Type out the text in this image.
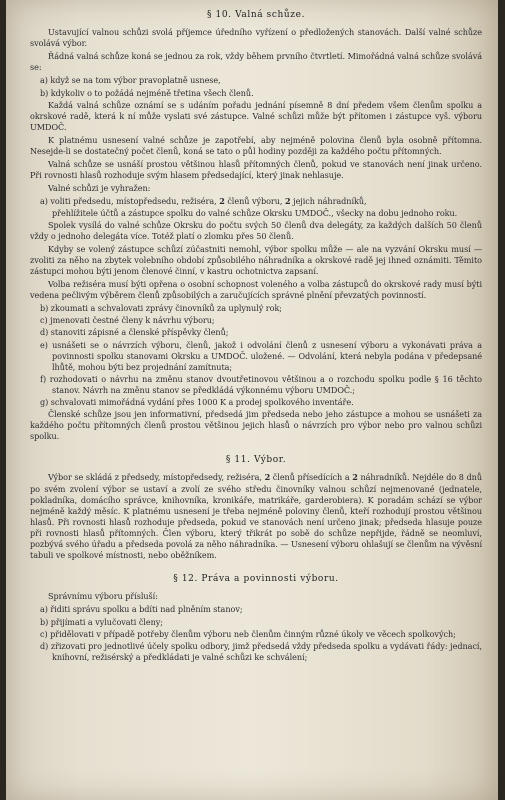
§ 10. Valná schůze.
Ustavující valnou schůzi svolá příjemce úředního vyřízení o předložených stanovách. Další valné schůze svolává výbor.
Řádná valná schůze koná se jednou za rok, vždy během prvního čtvrtletí. Mimořádná valná schůze svolává se:
a) když se na tom výbor pravoplatně usnese,
b) kdykoliv o to požádá nejméně třetina všech členů.
Každá valná schůze oznámí se s udáním pořadu jednání písemně 8 dní předem všem členům spolku a okrskové radě, která k ní může vyslati své zástupce. Valné schůzi může být přítomen i zástupce vyš. výboru UMDOČ.
K platnému usnesení valné schůze je zapotřebí, aby nejméně polovina členů byla osobně přítomna. Nesejde-li se dostatečný počet členů, koná se tato o půl hodiny později za každého počtu přítomných.
Valná schůze se usnáší prostou většinou hlasů přítomných členů, pokud ve stanovách není jinak určeno. Při rovnosti hlasů rozhoduje svým hlasem předsedající, který jinak nehlasuje.
Valné schůzi je vyhražen:
a) voliti předsedu, místopředsedu, režiséra, 2 členů výboru, 2 jejich náhradníků,
přehlížitele účtů a zástupce spolku do valné schůze Okrsku UMDOČ., všecky na dobu jednoho roku.
Spolek vysílá do valné schůze Okrsku do počtu svých 50 členů dva delegáty, za každých dalších 50 členů vždy o jednoho delegáta více. Totéž platí o zlomku přes 50 členů.
Kdyby se volený zástupce schůzí zúčastniti nemohl, výbor spolku může — ale na vyzvání Okrsku musí — zvoliti za něho na zbytek volebního období způsobilého náhradníka a okrskové radě jej ihned oznámiti. Těmito zástupci mohou býti jenom členové činní, v kastru ochotnictva zapsaní.
Volba režiséra musí býti opřena o osobní schopnost voleného a volba zástupců do okrskové rady musí býti vedena pečlivým výběrem členů způsobilých a zaručujících správné plnění převzatých povinností.
b) zkoumati a schvalovati zprávy činovníků za uplynulý rok;
c) jmenovati čestné členy k návrhu výboru;
d) stanoviti zápisné a členské příspěvky členů;
e) usnášeti se o návrzích výboru, členů, jakož i odvolání členů z usnesení výboru a vykonávati práva a povinnosti spolku stanovami Okrsku a UMDOČ. uložené. — Odvolání, která nebyla podána v předepsané lhůtě, mohou býti bez projednání zamítnuta;
f) rozhodovati o návrhu na změnu stanov dvoutřetinovou většinou a o rozchodu spolku podle § 16 těchto stanov. Návrh na změnu stanov se předkládá výkonnému výboru UMDOČ.;
g) schvalovati mimořádná vydání přes 1000 K a prodej spolkového inventáře.
Členské schůze jsou jen informativní, předsedá jim předseda nebo jeho zástupce a mohou se usnášeti za každého počtu přítomných členů prostou většinou jejich hlasů o návrzích pro výbor nebo pro valnou schůzi spolku.
§ 11. Výbor.
Výbor se skládá z předsedy, místopředsedy, režiséra, 2 členů přísedících a 2 náhradníků. Nejdéle do 8 dnů po svém zvolení výbor se ustaví a zvolí ze svého středu činovníky valnou schůzí nejmenované (jednatele, pokladníka, domácího správce, knihovníka, kronikáře, matrikáře, garderobiera). K poradám schází se výbor nejméně každý měsíc. K platnému usnesení je třeba nejméně poloviny členů, kteří rozhodují prostou většinou hlasů. Při rovnosti hlasů rozhoduje předseda, pokud ve stanovách není určeno jinak; předseda hlasuje pouze při rovnosti hlasů přítomných. Člen výboru, který třikrát po sobě do schůze nepřijde, řádně se neomluví, pozbývá svého úřadu a předseda povolá za něho náhradníka. — Usnesení výboru ohlašují se členům na vývěsní tabuli ve spolkové místnosti, nebo oběžníkem.
§ 12. Práva a povinnosti výboru.
Správnímu výboru přísluší:
a) řiditi správu spolku a bdíti nad plněním stanov;
b) přijímati a vylučovati členy;
c) přidělovati v případě potřeby členům výboru neb členům činným různé úkoly ve věcech spolkových;
d) zřizovati pro jednotlivé účely spolku odbory, jimž předsedá vždy předseda spolku a vydávati řády: jednací, knihovní, režisérský a předkládati je valné schůzi ke schválení;
